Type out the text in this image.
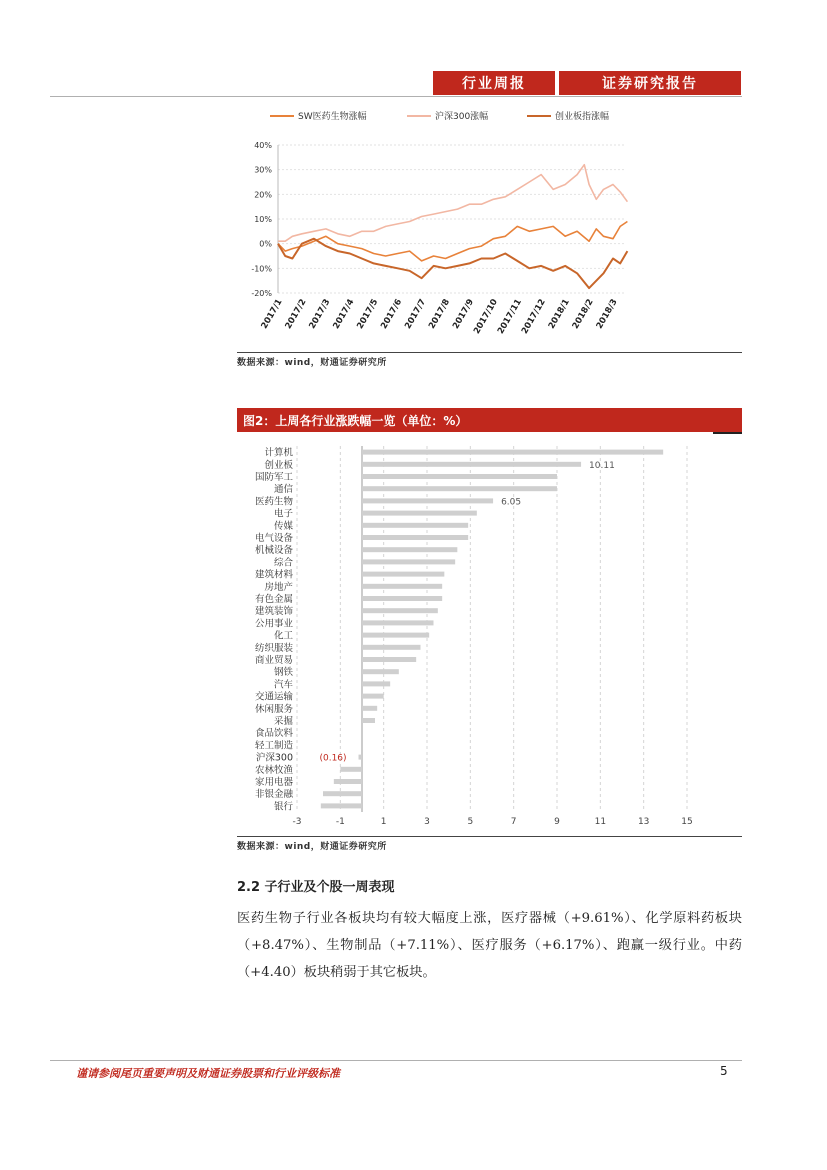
行业周报	证券研究报告
SW医药生物涨幅	沪深300涨幅	创业板指涨幅
40%
30%
20%
10%
0%
-10%
-20%
2017/1
2017/2
2017/3
2017/4
2017/5
2017/6
2017/7
2017/8
2017/9
2017/10
2017/11
2017/12
2018/1
2018/2
2018/3
数据来源：wind，财通证券研究所
图2：上周各行业涨跌幅一览（单位：%）
计算机
创业板
国防军工
通信
医药生物
电子
传媒
电气设备
机械设备
综合
建筑材料
房地产
有色金属
建筑装饰
公用事业
化工
纺织服装
商业贸易
钢铁
汽车
交通运输
休闲服务
采掘
食品饮料
轻工制造
沪深300
农林牧渔
家用电器
非银金融
银行
10.11
6.05
(0.16)
-3	-1	1	3	5	7	9	11	13	15
数据来源：wind，财通证券研究所
2.2 子行业及个股一周表现
医药生物子行业各板块均有较大幅度上涨，医疗器械（+9.61%）、化学原料药板块（+8.47%）、生物制品（+7.11%）、医疗服务（+6.17%）、跑赢一级行业。中药（+4.40）板块稍弱于其它板块。
谨请参阅尾页重要声明及财通证券股票和行业评级标准	5
